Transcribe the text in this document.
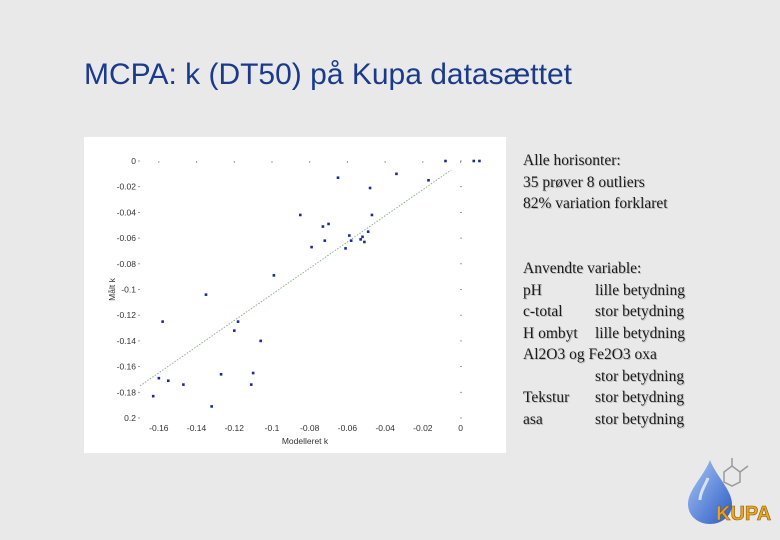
MCPA: k (DT50) på Kupa datasættet
0
-0.02
-0.04
-0.06
-0.08
-0.1
-0.12
-0.14
-0.16
-0.18
0.2
-0.16 -0.14 -0.12 -0.1 -0.08 -0.06 -0.04 -0.02	0
Modelleret k
Målt k
Alle horisonter:
35 prøver 8 outliers
82% variation forklaret
Anvendte variable:
pH	lille betydning
c-total stor betydning
H ombyt lille betydning
Al2O3 og Fe2O3 oxa
stor betydning
Tekstur stor betydning
asa	stor betydning
KUPA
